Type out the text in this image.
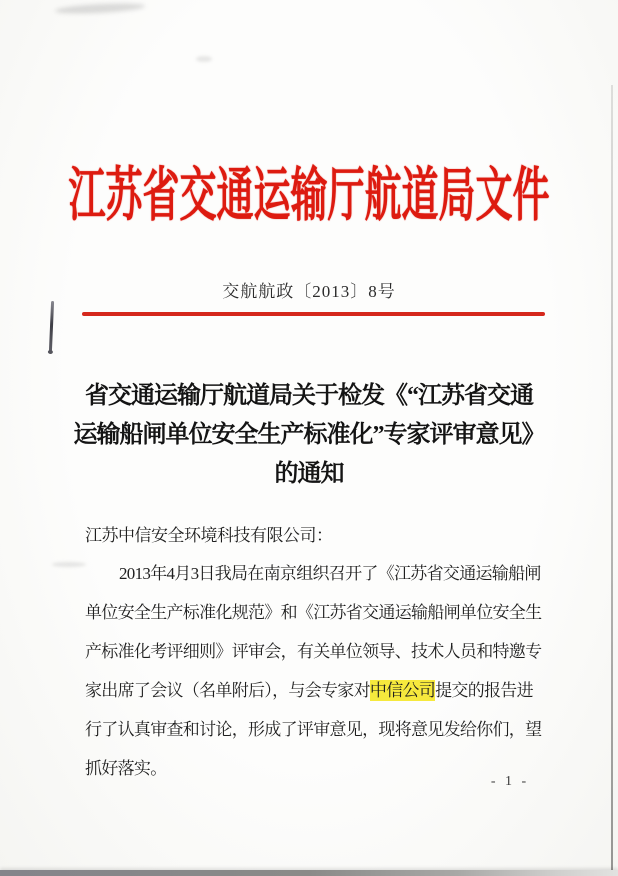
江苏省交通运输厅航道局文件
交航航政〔2013〕8号
省交通运输厅航道局关于检发《“江苏省交通
运输船闸单位安全生产标准化”专家评审意见》
的通知
江苏中信安全环境科技有限公司：
2013年4月3日我局在南京组织召开了《江苏省交通运输船闸
单位安全生产标准化规范》和《江苏省交通运输船闸单位安全生
产标准化考评细则》评审会，有关单位领导、技术人员和特邀专
家出席了会议（名单附后），与会专家对中信公司提交的报告进
行了认真审查和讨论，形成了评审意见，现将意见发给你们，望
抓好落实。
- 1 -
